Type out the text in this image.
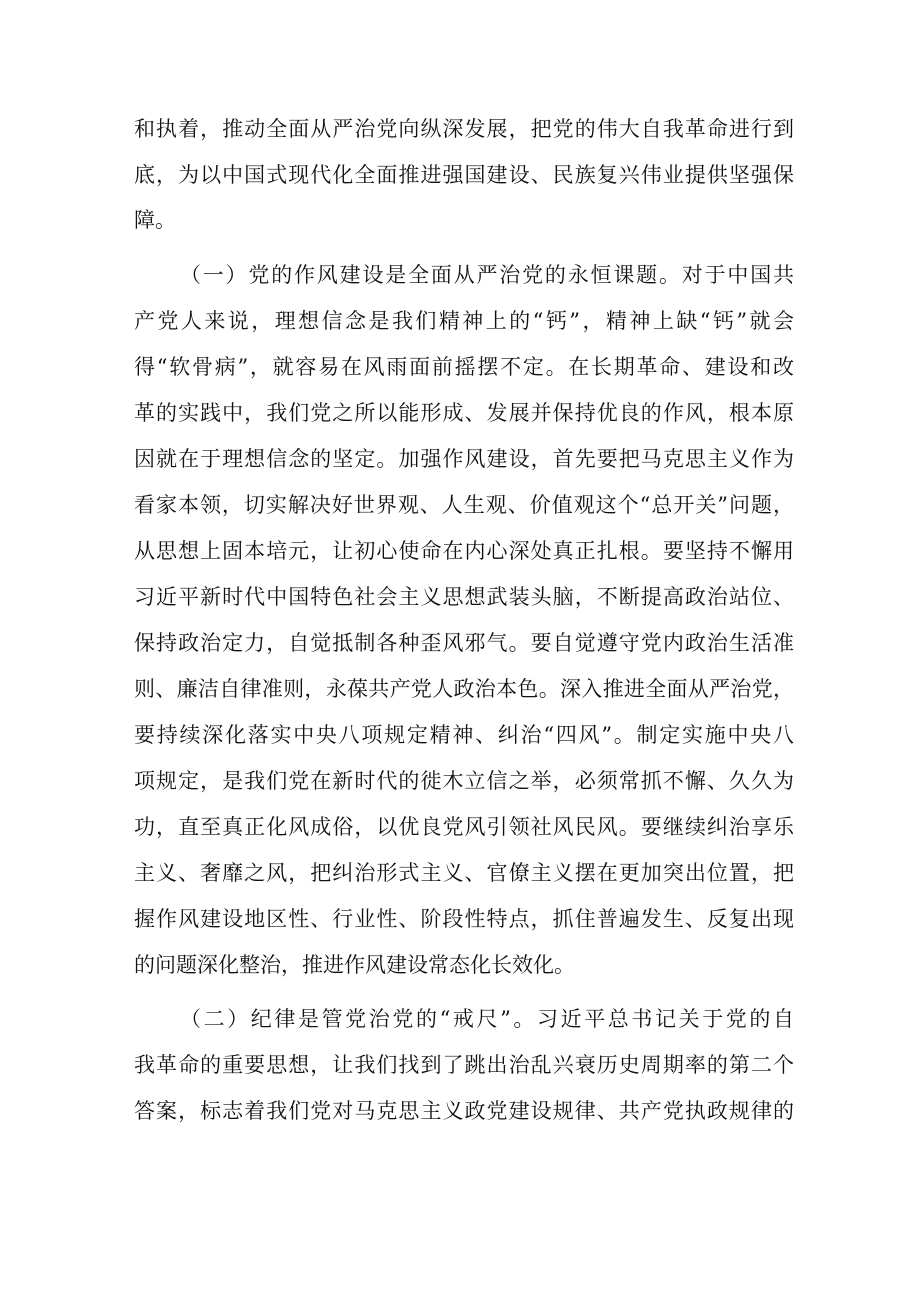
和执着，推动全面从严治党向纵深发展，把党的伟大自我革命进行到
底，为以中国式现代化全面推进强国建设、民族复兴伟业提供坚强保
障。
（一）党的作风建设是全面从严治党的永恒课题。对于中国共
产党人来说，理想信念是我们精神上的“钙”，精神上缺“钙”就会
得“软骨病”，就容易在风雨面前摇摆不定。在长期革命、建设和改
革的实践中，我们党之所以能形成、发展并保持优良的作风，根本原
因就在于理想信念的坚定。加强作风建设，首先要把马克思主义作为
看家本领，切实解决好世界观、人生观、价值观这个“总开关”问题，
从思想上固本培元，让初心使命在内心深处真正扎根。要坚持不懈用
习近平新时代中国特色社会主义思想武装头脑，不断提高政治站位、
保持政治定力，自觉抵制各种歪风邪气。要自觉遵守党内政治生活准
则、廉洁自律准则，永葆共产党人政治本色。深入推进全面从严治党，
要持续深化落实中央八项规定精神、纠治“四风”。制定实施中央八
项规定，是我们党在新时代的徙木立信之举，必须常抓不懈、久久为
功，直至真正化风成俗，以优良党风引领社风民风。要继续纠治享乐
主义、奢靡之风，把纠治形式主义、官僚主义摆在更加突出位置，把
握作风建设地区性、行业性、阶段性特点，抓住普遍发生、反复出现
的问题深化整治，推进作风建设常态化长效化。
（二）纪律是管党治党的“戒尺”。习近平总书记关于党的自
我革命的重要思想，让我们找到了跳出治乱兴衰历史周期率的第二个
答案，标志着我们党对马克思主义政党建设规律、共产党执政规律的
